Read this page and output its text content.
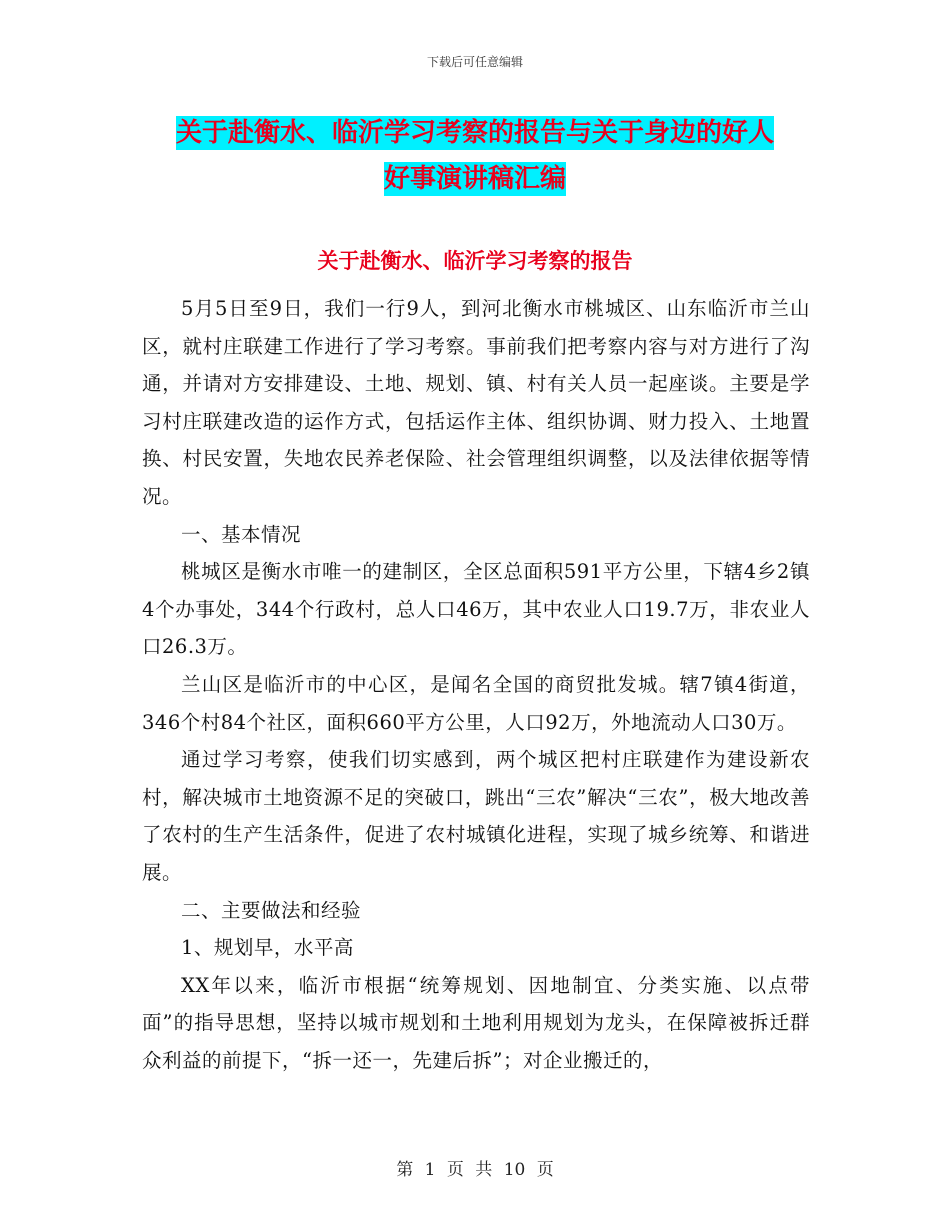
下载后可任意编辑
关于赴衡水、临沂学习考察的报告与关于身边的好人
好事演讲稿汇编
关于赴衡水、临沂学习考察的报告

5月5日至9日，我们一行9人，到河北衡水市桃城区、山东临沂市兰山区，就村庄联建工作进行了学习考察。事前我们把考察内容与对方进行了沟通，并请对方安排建设、土地、规划、镇、村有关人员一起座谈。主要是学习村庄联建改造的运作方式，包括运作主体、组织协调、财力投入、土地置换、村民安置，失地农民养老保险、社会管理组织调整，以及法律依据等情况。

一、基本情况

桃城区是衡水市唯一的建制区，全区总面积591平方公里，下辖4乡2镇4个办事处，344个行政村，总人口46万，其中农业人口19.7万，非农业人口26.3万。

兰山区是临沂市的中心区，是闻名全国的商贸批发城。辖7镇4街道，346个村84个社区，面积660平方公里，人口92万，外地流动人口30万。

通过学习考察，使我们切实感到，两个城区把村庄联建作为建设新农村，解决城市土地资源不足的突破口，跳出“三农”解决“三农”，极大地改善了农村的生产生活条件，促进了农村城镇化进程，实现了城乡统筹、和谐进展。

二、主要做法和经验

1、规划早，水平高

XX年以来，临沂市根据“统筹规划、因地制宜、分类实施、以点带面”的指导思想，坚持以城市规划和土地利用规划为龙头，在保障被拆迁群众利益的前提下，“拆一还一，先建后拆”；对企业搬迁的，

第 1 页 共 10 页
